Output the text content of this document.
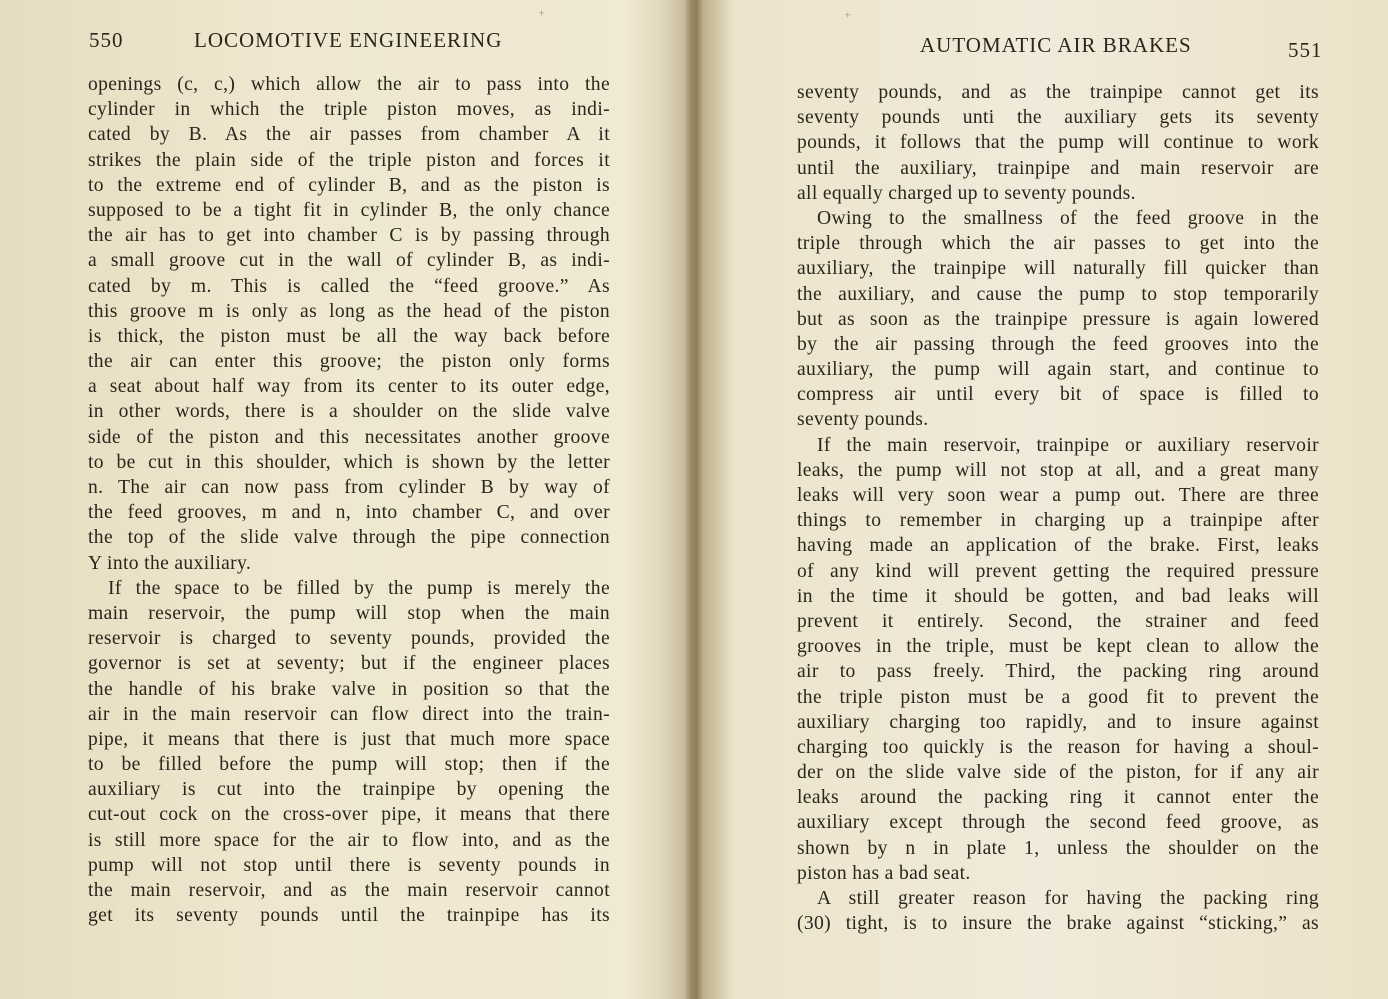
550	LOCOMOTIVE ENGINEERING
⁺
openings (c, c,) which allow the air to pass into the
cylinder in which the triple piston moves, as indi-
cated by B. As the air passes from chamber A it
strikes the plain side of the triple piston and forces it
to the extreme end of cylinder B, and as the piston is
supposed to be a tight fit in cylinder B, the only chance
the air has to get into chamber C is by passing through
a small groove cut in the wall of cylinder B, as indi-
cated by m. This is called the “feed groove.” As
this groove m is only as long as the head of the piston
is thick, the piston must be all the way back before
the air can enter this groove; the piston only forms
a seat about half way from its center to its outer edge,
in other words, there is a shoulder on the slide valve
side of the piston and this necessitates another groove
to be cut in this shoulder, which is shown by the letter
n. The air can now pass from cylinder B by way of
the feed grooves, m and n, into chamber C, and over
the top of the slide valve through the pipe connection
Y into the auxiliary.
If the space to be filled by the pump is merely the
main reservoir, the pump will stop when the main
reservoir is charged to seventy pounds, provided the
governor is set at seventy; but if the engineer places
the handle of his brake valve in position so that the
air in the main reservoir can flow direct into the train-
pipe, it means that there is just that much more space
to be filled before the pump will stop; then if the
auxiliary is cut into the trainpipe by opening the
cut-out cock on the cross-over pipe, it means that there
is still more space for the air to flow into, and as the
pump will not stop until there is seventy pounds in
the main reservoir, and as the main reservoir cannot
get its seventy pounds until the trainpipe has its
AUTOMATIC AIR BRAKES	551
⁺
seventy pounds, and as the trainpipe cannot get its
seventy pounds unti the auxiliary gets its seventy
pounds, it follows that the pump will continue to work
until the auxiliary, trainpipe and main reservoir are
all equally charged up to seventy pounds.
Owing to the smallness of the feed groove in the
triple through which the air passes to get into the
auxiliary, the trainpipe will naturally fill quicker than
the auxiliary, and cause the pump to stop temporarily
but as soon as the trainpipe pressure is again lowered
by the air passing through the feed grooves into the
auxiliary, the pump will again start, and continue to
compress air until every bit of space is filled to
seventy pounds.
If the main reservoir, trainpipe or auxiliary reservoir
leaks, the pump will not stop at all, and a great many
leaks will very soon wear a pump out. There are three
things to remember in charging up a trainpipe after
having made an application of the brake. First, leaks
of any kind will prevent getting the required pressure
in the time it should be gotten, and bad leaks will
prevent it entirely. Second, the strainer and feed
grooves in the triple, must be kept clean to allow the
air to pass freely. Third, the packing ring around
the triple piston must be a good fit to prevent the
auxiliary charging too rapidly, and to insure against
charging too quickly is the reason for having a shoul-
der on the slide valve side of the piston, for if any air
leaks around the packing ring it cannot enter the
auxiliary except through the second feed groove, as
shown by n in plate 1, unless the shoulder on the
piston has a bad seat.
A still greater reason for having the packing ring
(30) tight, is to insure the brake against “sticking,” as
